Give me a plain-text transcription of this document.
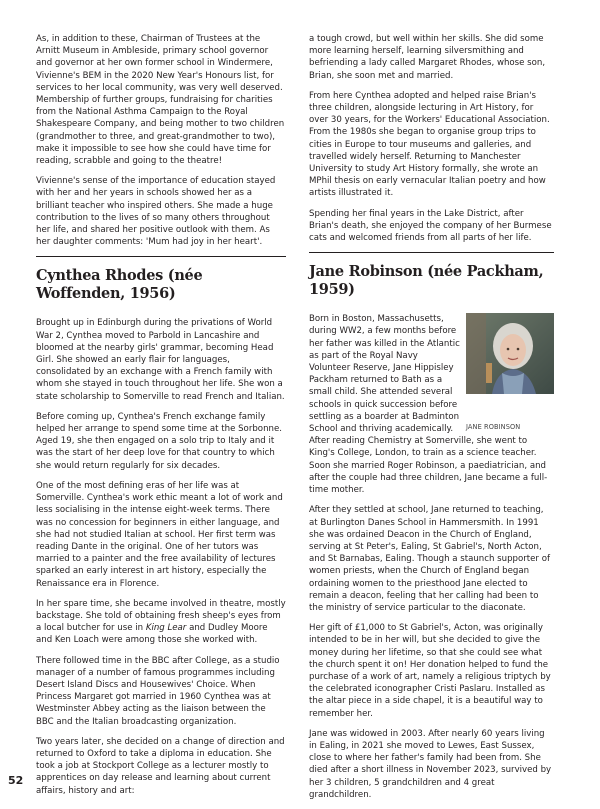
As, in addition to these, Chairman of Trustees at the Arnitt Museum in Ambleside, primary school governor and governor at her own former school in Windermere, Vivienne's BEM in the 2020 New Year's Honours list, for services to her local community, was very well deserved. Membership of further groups, fundraising for charities from the National Asthma Campaign to the Royal Shakespeare Company, and being mother to two children (grandmother to three, and great-grandmother to two), make it impossible to see how she could have time for reading, scrabble and going to the theatre!

Vivienne's sense of the importance of education stayed with her and her years in schools showed her as a brilliant teacher who inspired others. She made a huge contribution to the lives of so many others throughout her life, and shared her positive outlook with them. As her daughter comments: 'Mum had joy in her heart'.

Cynthea Rhodes (née Woffenden, 1956)

Brought up in Edinburgh during the privations of World War 2, Cynthea moved to Parbold in Lancashire and bloomed at the nearby girls' grammar, becoming Head Girl. She showed an early flair for languages, consolidated by an exchange with a French family with whom she stayed in touch throughout her life. She won a state scholarship to Somerville to read French and Italian.

Before coming up, Cynthea's French exchange family helped her arrange to spend some time at the Sorbonne. Aged 19, she then engaged on a solo trip to Italy and it was the start of her deep love for that country to which she would return regularly for six decades.

One of the most defining eras of her life was at Somerville. Cynthea's work ethic meant a lot of work and less socialising in the intense eight-week terms. There was no concession for beginners in either language, and she had not studied Italian at school. Her first term was reading Dante in the original. One of her tutors was married to a painter and the free availability of lectures sparked an early interest in art history, especially the Renaissance era in Florence.

In her spare time, she became involved in theatre, mostly backstage. She told of obtaining fresh sheep's eyes from a local butcher for use in King Lear and Dudley Moore and Ken Loach were among those she worked with.

There followed time in the BBC after College, as a studio manager of a number of famous programmes including Desert Island Discs and Housewives' Choice. When Princess Margaret got married in 1960 Cynthea was at Westminster Abbey acting as the liaison between the BBC and the Italian broadcasting organization.

Two years later, she decided on a change of direction and returned to Oxford to take a diploma in education. She took a job at Stockport College as a lecturer mostly to apprentices on day release and learning about current affairs, history and art:

a tough crowd, but well within her skills. She did some more learning herself, learning silversmithing and befriending a lady called Margaret Rhodes, whose son, Brian, she soon met and married.

From here Cynthea adopted and helped raise Brian's three children, alongside lecturing in Art History, for over 30 years, for the Workers' Educational Association. From the 1980s she began to organise group trips to cities in Europe to tour museums and galleries, and travelled widely herself. Returning to Manchester University to study Art History formally, she wrote an MPhil thesis on early vernacular Italian poetry and how artists illustrated it.

Spending her final years in the Lake District, after Brian's death, she enjoyed the company of her Burmese cats and welcomed friends from all parts of her life.

Jane Robinson (née Packham, 1959)
JANE ROBINSON

Born in Boston, Massachusetts, during WW2, a few months before her father was killed in the Atlantic as part of the Royal Navy Volunteer Reserve, Jane Hippisley Packham returned to Bath as a small child. She attended several schools in quick succession before settling as a boarder at Badminton School and thriving academically. After reading Chemistry at Somerville, she went to King's College, London, to train as a science teacher. Soon she married Roger Robinson, a paediatrician, and after the couple had three children, Jane became a full-time mother.

After they settled at school, Jane returned to teaching, at Burlington Danes School in Hammersmith. In 1991 she was ordained Deacon in the Church of England, serving at St Peter's, Ealing, St Gabriel's, North Acton, and St Barnabas, Ealing. Though a staunch supporter of women priests, when the Church of England began ordaining women to the priesthood Jane elected to remain a deacon, feeling that her calling had been to the ministry of service particular to the diaconate.

Her gift of £1,000 to St Gabriel's, Acton, was originally intended to be in her will, but she decided to give the money during her lifetime, so that she could see what the church spent it on! Her donation helped to fund the purchase of a work of art, namely a religious triptych by the celebrated iconographer Cristi Paslaru. Installed as the altar piece in a side chapel, it is a beautiful way to remember her.

Jane was widowed in 2003. After nearly 60 years living in Ealing, in 2021 she moved to Lewes, East Sussex, close to where her father's family had been from. She died after a short illness in November 2023, survived by her 3 children, 5 grandchildren and 4 great grandchildren.

52
